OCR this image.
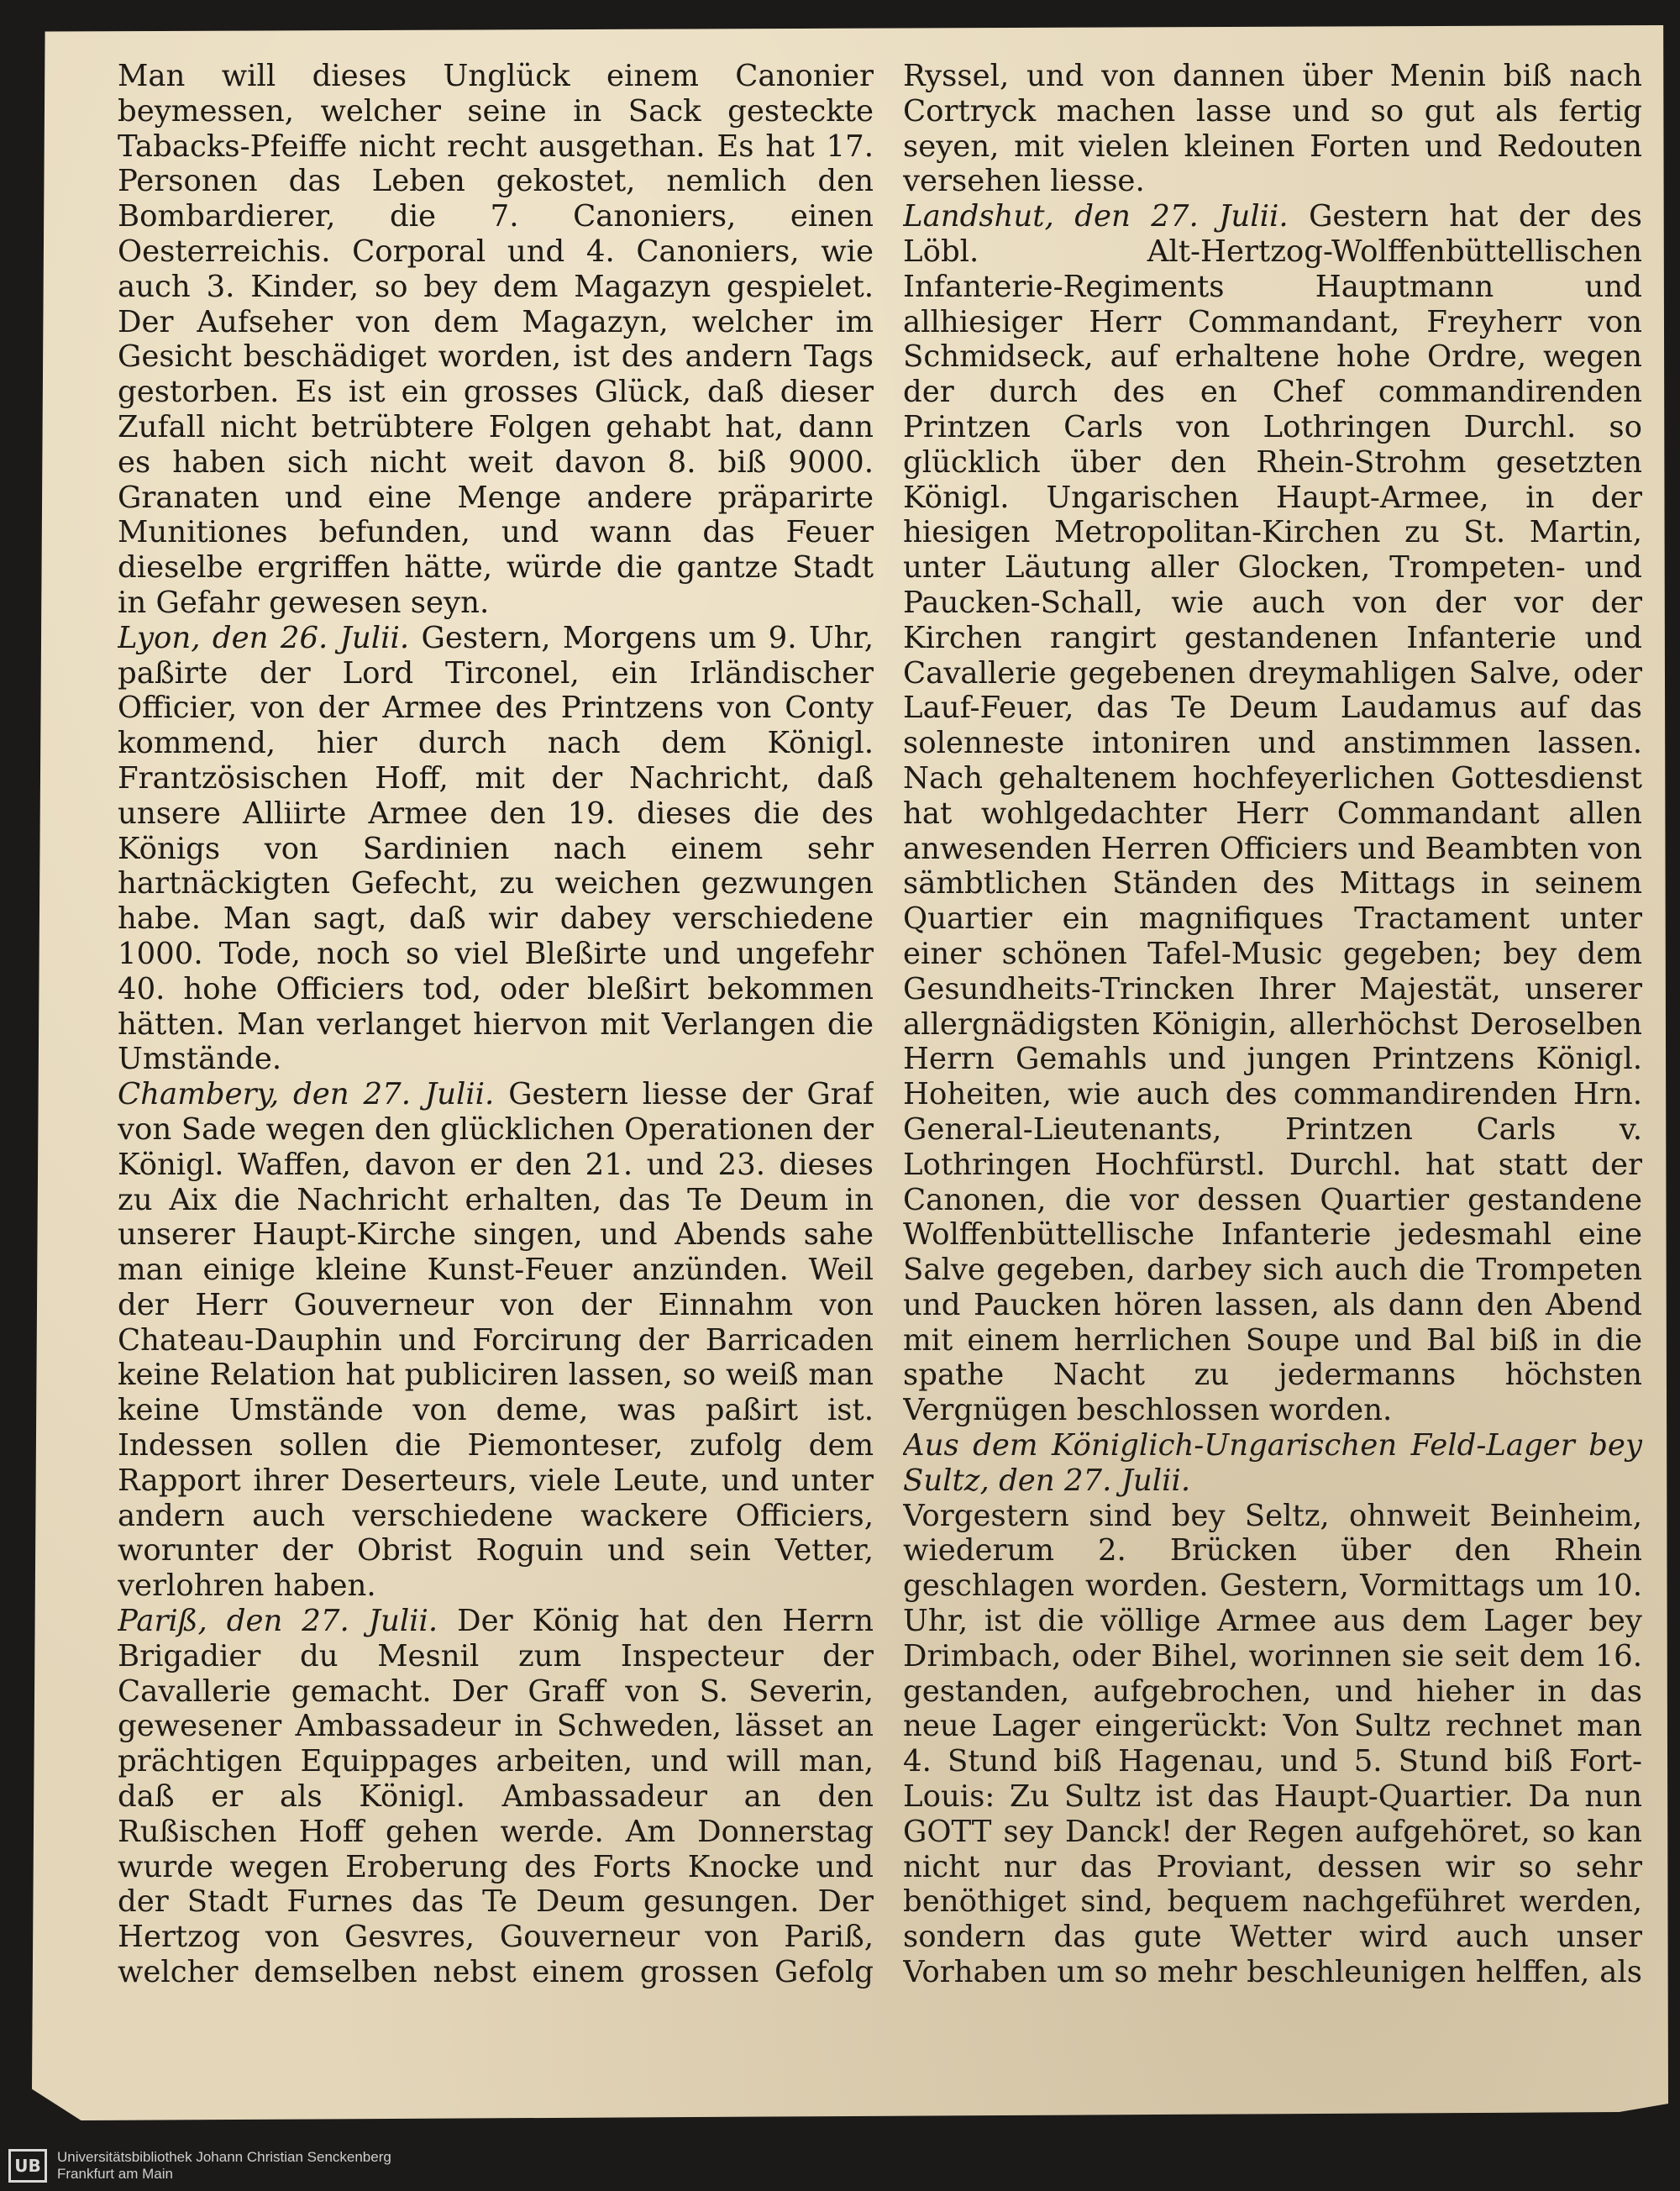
Man will dieses Unglück einem Canonier beymessen, welcher seine in Sack gesteckte Tabacks-Pfeiffe nicht recht ausgethan. Es hat 17. Personen das Leben gekostet, nemlich den Bombardierer, die 7. Canoniers, einen Oesterreichis. Corporal und 4. Canoniers, wie auch 3. Kinder, so bey dem Magazyn gespielet. Der Aufseher von dem Magazyn, welcher im Gesicht beschädiget worden, ist des andern Tags gestorben. Es ist ein grosses Glück, daß dieser Zufall nicht betrübtere Folgen gehabt hat, dann es haben sich nicht weit davon 8. biß 9000. Granaten und eine Menge andere präparirte Munitiones befunden, und wann das Feuer dieselbe ergriffen hätte, würde die gantze Stadt in Gefahr gewesen seyn.

Lyon, den 26. Julii. Gestern, Morgens um 9. Uhr, paßirte der Lord Tirconel, ein Irländischer Officier, von der Armee des Printzens von Conty kommend, hier durch nach dem Königl. Frantzösischen Hoff, mit der Nachricht, daß unsere Alliirte Armee den 19. dieses die des Königs von Sardinien nach einem sehr hartnäckigten Gefecht, zu weichen gezwungen habe. Man sagt, daß wir dabey verschiedene 1000. Tode, noch so viel Bleßirte und ungefehr 40. hohe Officiers tod, oder bleßirt bekommen hätten. Man verlanget hiervon mit Verlangen die Umstände.

Chambery, den 27. Julii. Gestern liesse der Graf von Sade wegen den glücklichen Operationen der Königl. Waffen, davon er den 21. und 23. dieses zu Aix die Nachricht erhalten, das Te Deum in unserer Haupt-Kirche singen, und Abends sahe man einige kleine Kunst-Feuer anzünden. Weil der Herr Gouverneur von der Einnahm von Chateau-Dauphin und Forcirung der Barricaden keine Relation hat publiciren lassen, so weiß man keine Umstände von deme, was paßirt ist. Indessen sollen die Piemonteser, zufolg dem Rapport ihrer Deserteurs, viele Leute, und unter andern auch verschiedene wackere Officiers, worunter der Obrist Roguin und sein Vetter, verlohren haben.

Pariß, den 27. Julii. Der König hat den Herrn Brigadier du Mesnil zum Inspecteur der Cavallerie gemacht. Der Graff von S. Severin, gewesener Ambassadeur in Schweden, lässet an prächtigen Equippages arbeiten, und will man, daß er als Königl. Ambassadeur an den Rußischen Hoff gehen werde. Am Donnerstag wurde wegen Eroberung des Forts Knocke und der Stadt Furnes das Te Deum gesungen. Der Hertzog von Gesvres, Gouverneur von Pariß, welcher demselben nebst einem grossen Gefolg

Ryssel, und von dannen über Menin biß nach Cortryck machen lasse und so gut als fertig seyen, mit vielen kleinen Forten und Redouten versehen liesse.

Landshut, den 27. Julii. Gestern hat der des Löbl. Alt-Hertzog-Wolffenbüttellischen Infanterie-Regiments Hauptmann und allhiesiger Herr Commandant, Freyherr von Schmidseck, auf erhaltene hohe Ordre, wegen der durch des en Chef commandirenden Printzen Carls von Lothringen Durchl. so glücklich über den Rhein-Strohm gesetzten Königl. Ungarischen Haupt-Armee, in der hiesigen Metropolitan-Kirchen zu St. Martin, unter Läutung aller Glocken, Trompeten- und Paucken-Schall, wie auch von der vor der Kirchen rangirt gestandenen Infanterie und Cavallerie gegebenen dreymahligen Salve, oder Lauf-Feuer, das Te Deum Laudamus auf das solenneste intoniren und anstimmen lassen. Nach gehaltenem hochfeyerlichen Gottesdienst hat wohlgedachter Herr Commandant allen anwesenden Herren Officiers und Beambten von sämbtlichen Ständen des Mittags in seinem Quartier ein magnifiques Tractament unter einer schönen Tafel-Music gegeben; bey dem Gesundheits-Trincken Ihrer Majestät, unserer allergnädigsten Königin, allerhöchst Deroselben Herrn Gemahls und jungen Printzens Königl. Hoheiten, wie auch des commandirenden Hrn. General-Lieutenants, Printzen Carls v. Lothringen Hochfürstl. Durchl. hat statt der Canonen, die vor dessen Quartier gestandene Wolffenbüttellische Infanterie jedesmahl eine Salve gegeben, darbey sich auch die Trompeten und Paucken hören lassen, als dann den Abend mit einem herrlichen Soupe und Bal biß in die spathe Nacht zu jedermanns höchsten Vergnügen beschlossen worden.

Aus dem Königlich-Ungarischen Feld-Lager bey Sultz, den 27. Julii.

Vorgestern sind bey Seltz, ohnweit Beinheim, wiederum 2. Brücken über den Rhein geschlagen worden. Gestern, Vormittags um 10. Uhr, ist die völlige Armee aus dem Lager bey Drimbach, oder Bihel, worinnen sie seit dem 16. gestanden, aufgebrochen, und hieher in das neue Lager eingerückt: Von Sultz rechnet man 4. Stund biß Hagenau, und 5. Stund biß Fort-Louis: Zu Sultz ist das Haupt-Quartier. Da nun GOTT sey Danck! der Regen aufgehöret, so kan nicht nur das Proviant, dessen wir so sehr benöthiget sind, bequem nachgeführet werden, sondern das gute Wetter wird auch unser Vorhaben um so mehr beschleunigen helffen, als

UB	Universitätsbibliothek Johann Christian Senckenberg
Frankfurt am Main
